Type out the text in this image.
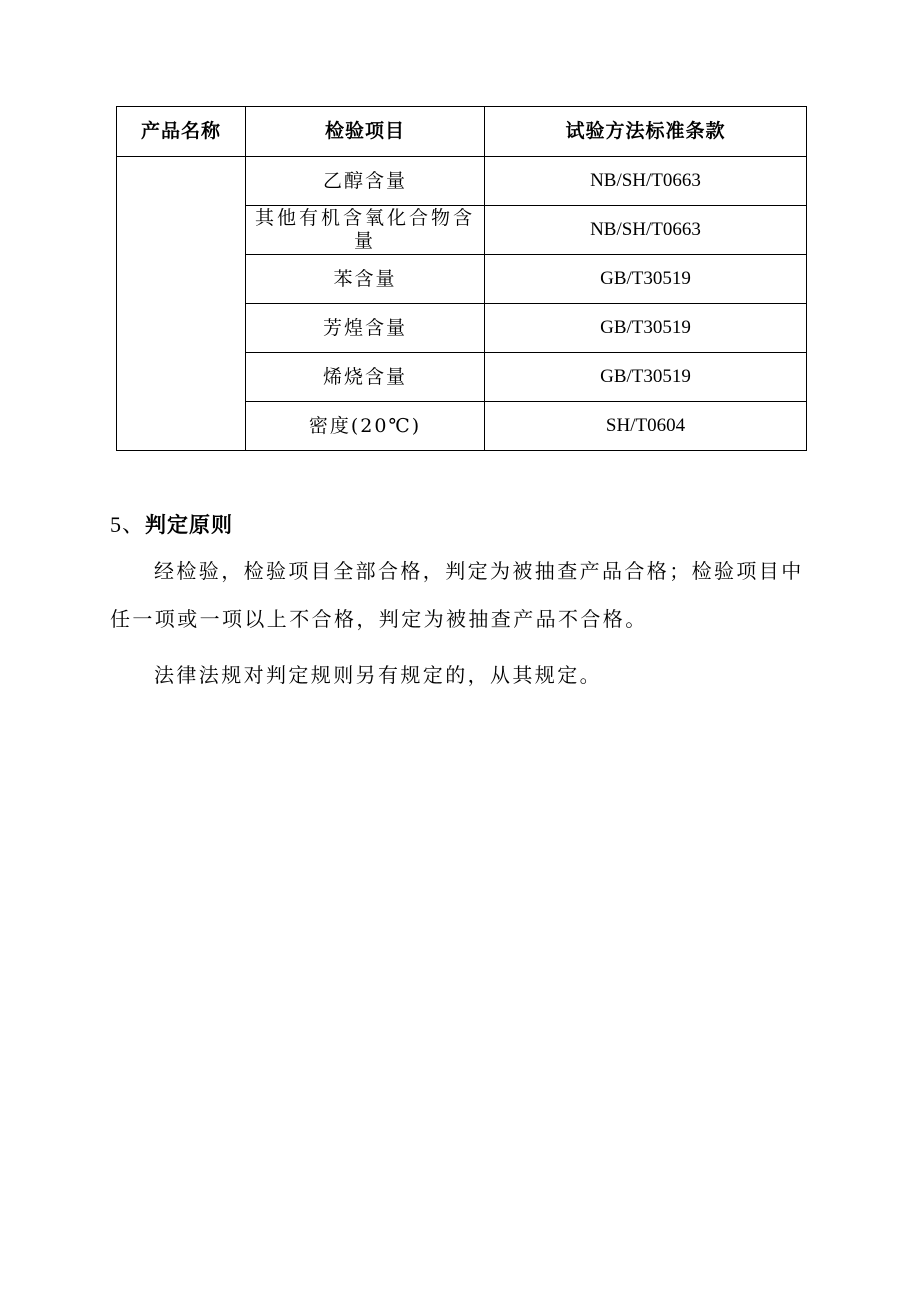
产品名称	检验项目	试验方法标准条款
	乙醇含量	NB/SH/T0663
	其他有机含氧化合物含量	NB/SH/T0663
	苯含量	GB/T30519
	芳煌含量	GB/T30519
	烯烧含量	GB/T30519
	密度(20℃)	SH/T0604
5、判定原则

经检验，检验项目全部合格，判定为被抽查产品合格；检验项目中任一项或一项以上不合格，判定为被抽查产品不合格。

法律法规对判定规则另有规定的，从其规定。
